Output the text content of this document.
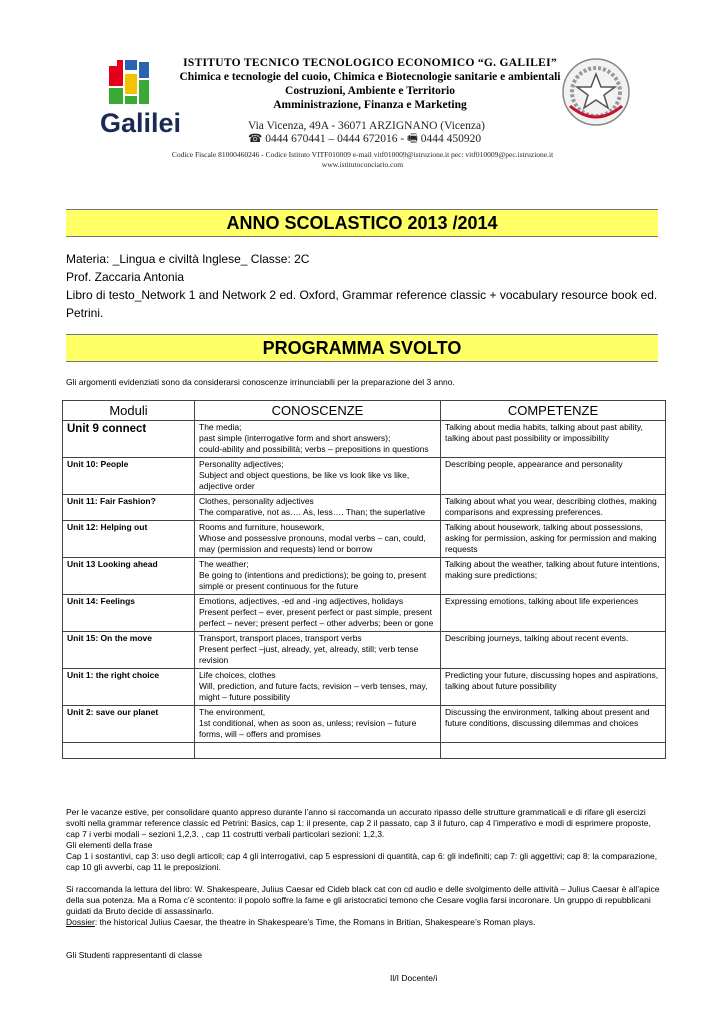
Galilei
ISTITUTO TECNICO TECNOLOGICO ECONOMICO “G. GALILEI”
Chimica e tecnologie del cuoio, Chimica e Biotecnologie sanitarie e ambientali
Costruzioni, Ambiente e Territorio
Amministrazione, Finanza e Marketing
Via Vicenza, 49A - 36071 ARZIGNANO (Vicenza)
☎ 0444 670441 – 0444 672016 - 🖷 0444 450920
Codice Fiscale 81000460246 - Codice Istituto VITF010009 e-mail vitf010009@istruzione.it pec: vitf010009@pec.istruzione.it
www.istitutoconciario.com
ANNO SCOLASTICO 2013 /2014

Materia: _Lingua e civiltà Inglese_ Classe: 2C

Prof. Zaccaria Antonia

Libro di testo_Network 1 and Network 2 ed. Oxford, Grammar reference classic + vocabulary resource book ed. Petrini.

PROGRAMMA SVOLTO
Gli argomenti evidenziati sono da considerarsi conoscenze irrinunciabili per la preparazione del 3 anno.
Moduli	CONOSCENZE	COMPETENZE
Unit 9 connect	The media;
past simple (interrogative form and short answers);
could-ability and possibilità; verbs – prepositions in questions	Talking about media habits, talking about past ability, talking about past possibility or impossibility
Unit 10: People	Personality adjectives;
Subject and object questions, be like vs look like vs like, adjective order	Describing people, appearance and personality
Unit 11: Fair Fashion?	Clothes, personality adjectives
The comparative, not as…. As, less…. Than; the superlative	Talking about what you wear, describing clothes, making comparisons and expressing preferences.
Unit 12: Helping out	Rooms and furniture, housework,
Whose and possessive pronouns, modal verbs – can, could, may (permission and requests) lend or borrow	Talking about housework, talking about possessions, asking for permission, asking for permission and making requests
Unit 13 Looking ahead	The weather;
Be going to (intentions and predictions); be going to, present simple or present continuous for the future	Talking about the weather, talking about future intentions, making sure predictions;
Unit 14: Feelings	Emotions, adjectives, -ed and -ing adjectives, holidays
Present perfect – ever, present perfect or past simple, present perfect – never; present perfect – other adverbs; been or gone	Expressing emotions, talking about life experiences
Unit 15: On the move	Transport, transport places, transport verbs
Present perfect –just, already, yet, already, still; verb tense revision	Describing journeys, talking about recent events.
Unit 1: the right choice	Life choices, clothes
Will, prediction, and future facts, revision – verb tenses, may, might – future possibility	Predicting your future, discussing hopes and aspirations, talking about future possibility
Unit 2: save our planet	The environment,
1st conditional, when as soon as, unless; revision – future forms, will – offers and promises	Discussing the environment, talking about present and future conditions, discussing dilemmas and choices

Per le vacanze estive, per consolidare quanto appreso durante l’anno si raccomanda un accurato ripasso delle strutture grammaticali e di rifare gli esercizi svolti nella grammar reference classic ed Petrini: Basics, cap 1: il presente, cap 2 il passato, cap 3 il futuro, cap 4 l’imperativo e modi di esprimere proposte, cap 7 i verbi modali – sezioni 1,2,3. , cap 11 costrutti verbali particolari sezioni: 1,2,3.

Gli elementi della frase

Cap 1 i sostantivi, cap 3: uso degli articoli; cap 4 gli interrogativi, cap 5 espressioni di quantità, cap 6: gli indefiniti; cap 7: gli aggettivi; cap 8: la comparazione, cap 10 gli avverbi, cap 11 le preposizioni.

Si raccomanda la lettura del libro: W. Shakespeare, Julius Caesar ed Cideb black cat con cd audio e delle svolgimento delle attività – Julius Caesar è all’apice della sua potenza. Ma a Roma c’è scontento: il popolo soffre la fame e gli aristocratici temono che Cesare voglia farsi incoronare. Un gruppo di repubblicani guidati da Bruto decide di assassinarlo.

Dossier: the historical Julius Caesar, the theatre in Shakespeare’s Time, the Romans in Britian, Shakespeare’s Roman plays.

Gli Studenti rappresentanti di classe
Il/I Docente/i
